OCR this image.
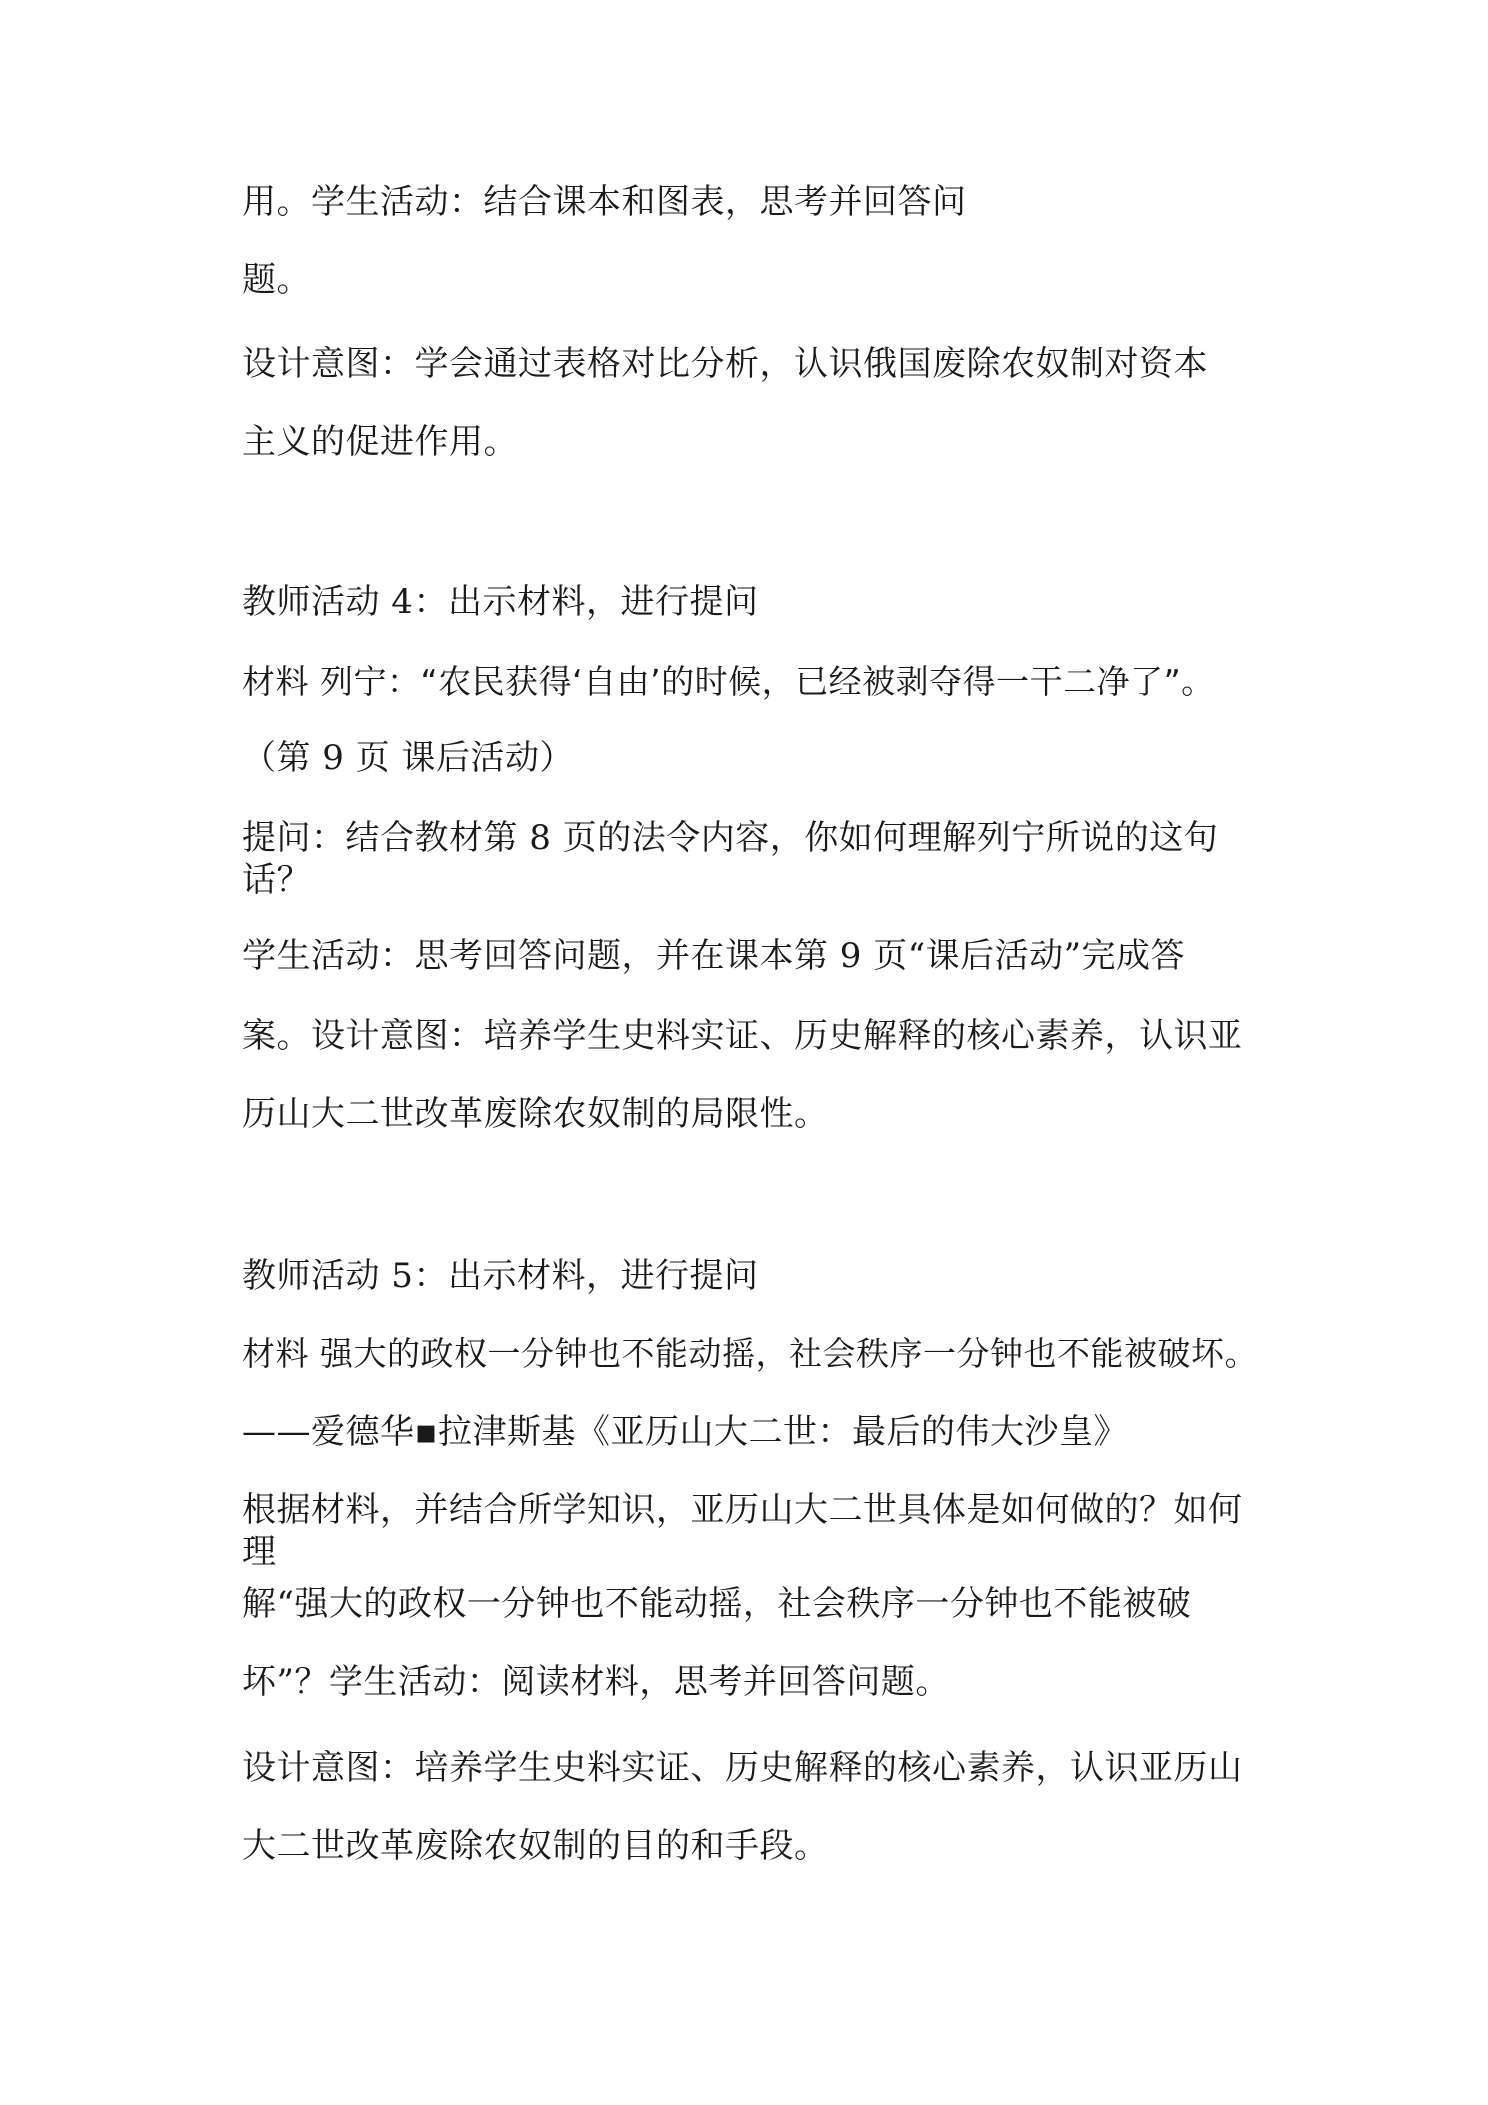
用。学生活动：结合课本和图表，思考并回答问

题。

设计意图：学会通过表格对比分析，认识俄国废除农奴制对资本

主义的促进作用。

教师活动 4：出示材料，进行提问

材料 列宁：“农民获得‘自由’的时候，已经被剥夺得一干二净了”。

（第 9 页 课后活动）

提问：结合教材第 8 页的法令内容，你如何理解列宁所说的这句

话？

学生活动：思考回答问题，并在课本第 9 页“课后活动”完成答

案。设计意图：培养学生史料实证、历史解释的核心素养，认识亚

历山大二世改革废除农奴制的局限性。

教师活动 5：出示材料，进行提问

材料 强大的政权一分钟也不能动摇，社会秩序一分钟也不能被破坏。

——爱德华▪拉津斯基《亚历山大二世：最后的伟大沙皇》

根据材料，并结合所学知识，亚历山大二世具体是如何做的？如何

理

解“强大的政权一分钟也不能动摇，社会秩序一分钟也不能被破

坏”？学生活动：阅读材料，思考并回答问题。

设计意图：培养学生史料实证、历史解释的核心素养，认识亚历山

大二世改革废除农奴制的目的和手段。
